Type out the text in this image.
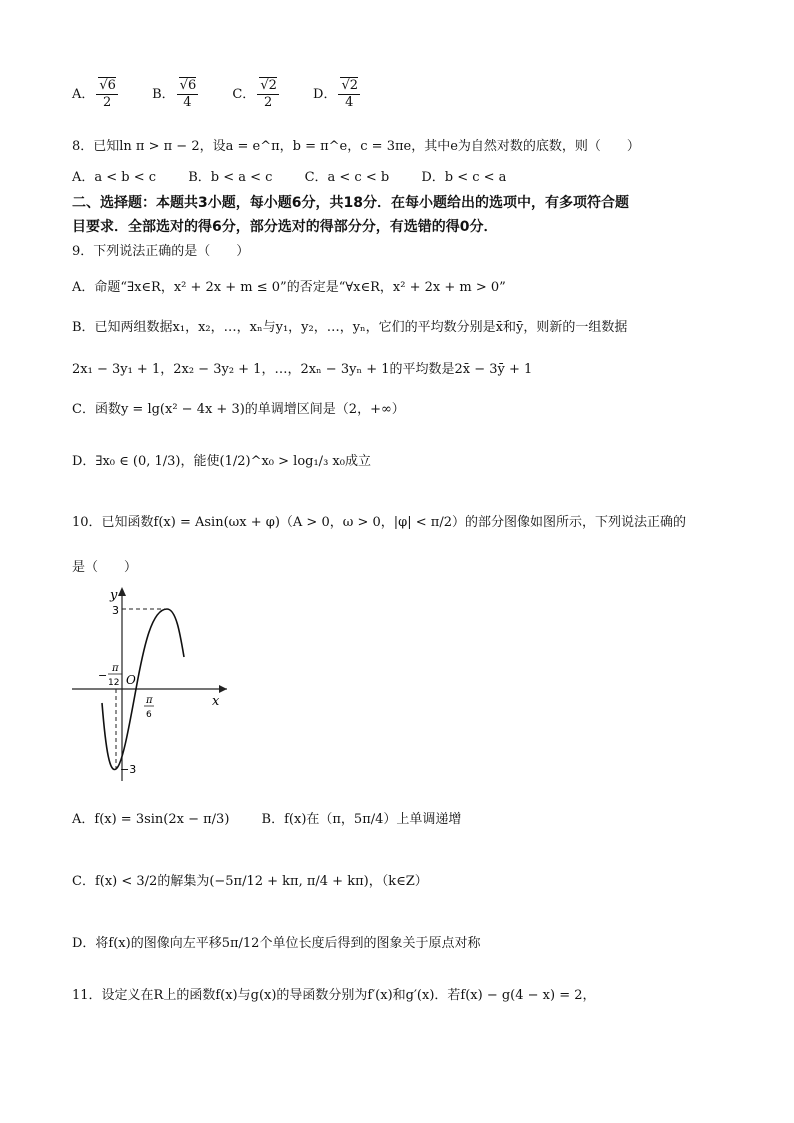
A． $\frac{√6}{2}$	B． $\frac{√6}{4}$	C． $\frac{√2}{2}$	D． $\frac{√2}{4}$
8．已知ln π > π − 2，设a = e^π，b = π^e，c = 3πe，其中e为自然对数的底数，则（　　）
A．a < b < c B．b < a < c C．a < c < b D．b < c < a
二、选择题：本题共3小题，每小题6分，共18分．在每小题给出的选项中，有多项符合题
目要求．全部选对的得6分，部分选对的得部分分，有选错的得0分．
9．下列说法正确的是（　　）
A．命题“∃x∈R，x² + 2x + m ≤ 0”的否定是“∀x∈R，x² + 2x + m > 0”
B．已知两组数据x₁，x₂，…，xₙ与y₁，y₂，…，yₙ，它们的平均数分别是x̄和ȳ，则新的一组数据
2x₁ − 3y₁ + 1，2x₂ − 3y₂ + 1，…，2xₙ − 3yₙ + 1的平均数是2x̄ − 3ȳ + 1
C．函数y = lg(x² − 4x + 3)的单调增区间是（2，+∞）
D．∃x₀ ∈ (0, 1/3)，能使(1/2)^x₀ > log₁/₃ x₀成立
10．已知函数f(x) = Asin(ωx + φ)（A > 0，ω > 0，|φ| < π/2）的部分图像如图所示，下列说法正确的
是（　　）
y
x
O
3
−3
−
π
12
π
6
A．f(x) = 3sin(2x − π/3) B．f(x)在（π，5π/4）上单调递增
C．f(x) < 3/2的解集为(−5π/12 + kπ, π/4 + kπ)，（k∈Z）
D．将f(x)的图像向左平移5π/12个单位长度后得到的图象关于原点对称
11．设定义在R上的函数f(x)与g(x)的导函数分别为f′(x)和g′(x)．若f(x) − g(4 − x) = 2，
